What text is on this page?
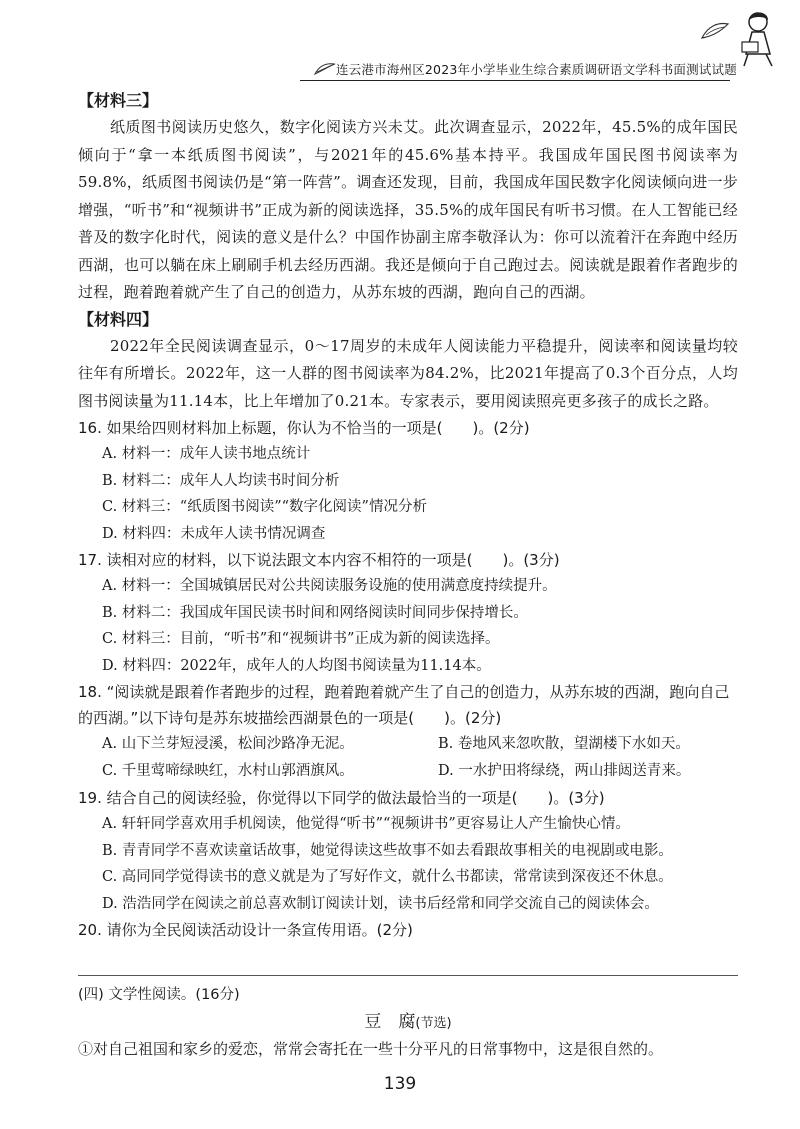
连云港市海州区2023年小学毕业生综合素质调研语文学科书面测试试题
【材料三】

纸质图书阅读历史悠久，数字化阅读方兴未艾。此次调查显示，2022年，45.5%的成年国民倾向于“拿一本纸质图书阅读”，与2021年的45.6%基本持平。我国成年国民图书阅读率为59.8%，纸质图书阅读仍是“第一阵营”。调查还发现，目前，我国成年国民数字化阅读倾向进一步增强，“听书”和“视频讲书”正成为新的阅读选择，35.5%的成年国民有听书习惯。在人工智能已经普及的数字化时代，阅读的意义是什么？中国作协副主席李敬泽认为：你可以流着汗在奔跑中经历西湖，也可以躺在床上刷刷手机去经历西湖。我还是倾向于自己跑过去。阅读就是跟着作者跑步的过程，跑着跑着就产生了自己的创造力，从苏东坡的西湖，跑向自己的西湖。

【材料四】

2022年全民阅读调查显示，0～17周岁的未成年人阅读能力平稳提升，阅读率和阅读量均较往年有所增长。2022年，这一人群的图书阅读率为84.2%，比2021年提高了0.3个百分点，人均图书阅读量为11.14本，比上年增加了0.21本。专家表示，要用阅读照亮更多孩子的成长之路。

16. 如果给四则材料加上标题，你认为不恰当的一项是(　　)。(2分)
A. 材料一：成年人读书地点统计
B. 材料二：成年人人均读书时间分析
C. 材料三：“纸质图书阅读”“数字化阅读”情况分析
D. 材料四：未成年人读书情况调查
17. 读相对应的材料，以下说法跟文本内容不相符的一项是(　　)。(3分)
A. 材料一：全国城镇居民对公共阅读服务设施的使用满意度持续提升。
B. 材料二：我国成年国民读书时间和网络阅读时间同步保持增长。
C. 材料三：目前，“听书”和“视频讲书”正成为新的阅读选择。
D. 材料四：2022年，成年人的人均图书阅读量为11.14本。
18. “阅读就是跟着作者跑步的过程，跑着跑着就产生了自己的创造力，从苏东坡的西湖，跑向自己的西湖。”以下诗句是苏东坡描绘西湖景色的一项是(　　)。(2分)
A. 山下兰芽短浸溪，松间沙路净无泥。	B. 卷地风来忽吹散，望湖楼下水如天。
C. 千里莺啼绿映红，水村山郭酒旗风。	D. 一水护田将绿绕，两山排闼送青来。
19. 结合自己的阅读经验，你觉得以下同学的做法最恰当的一项是(　　)。(3分)
A. 轩轩同学喜欢用手机阅读，他觉得“听书”“视频讲书”更容易让人产生愉快心情。
B. 青青同学不喜欢读童话故事，她觉得读这些故事不如去看跟故事相关的电视剧或电影。
C. 高同同学觉得读书的意义就是为了写好作文，就什么书都读，常常读到深夜还不休息。
D. 浩浩同学在阅读之前总喜欢制订阅读计划，读书后经常和同学交流自己的阅读体会。
20. 请你为全民阅读活动设计一条宣传用语。(2分)
(四) 文学性阅读。(16分)
豆　腐(节选)

①对自己祖国和家乡的爱恋，常常会寄托在一些十分平凡的日常事物中，这是很自然的。

139
